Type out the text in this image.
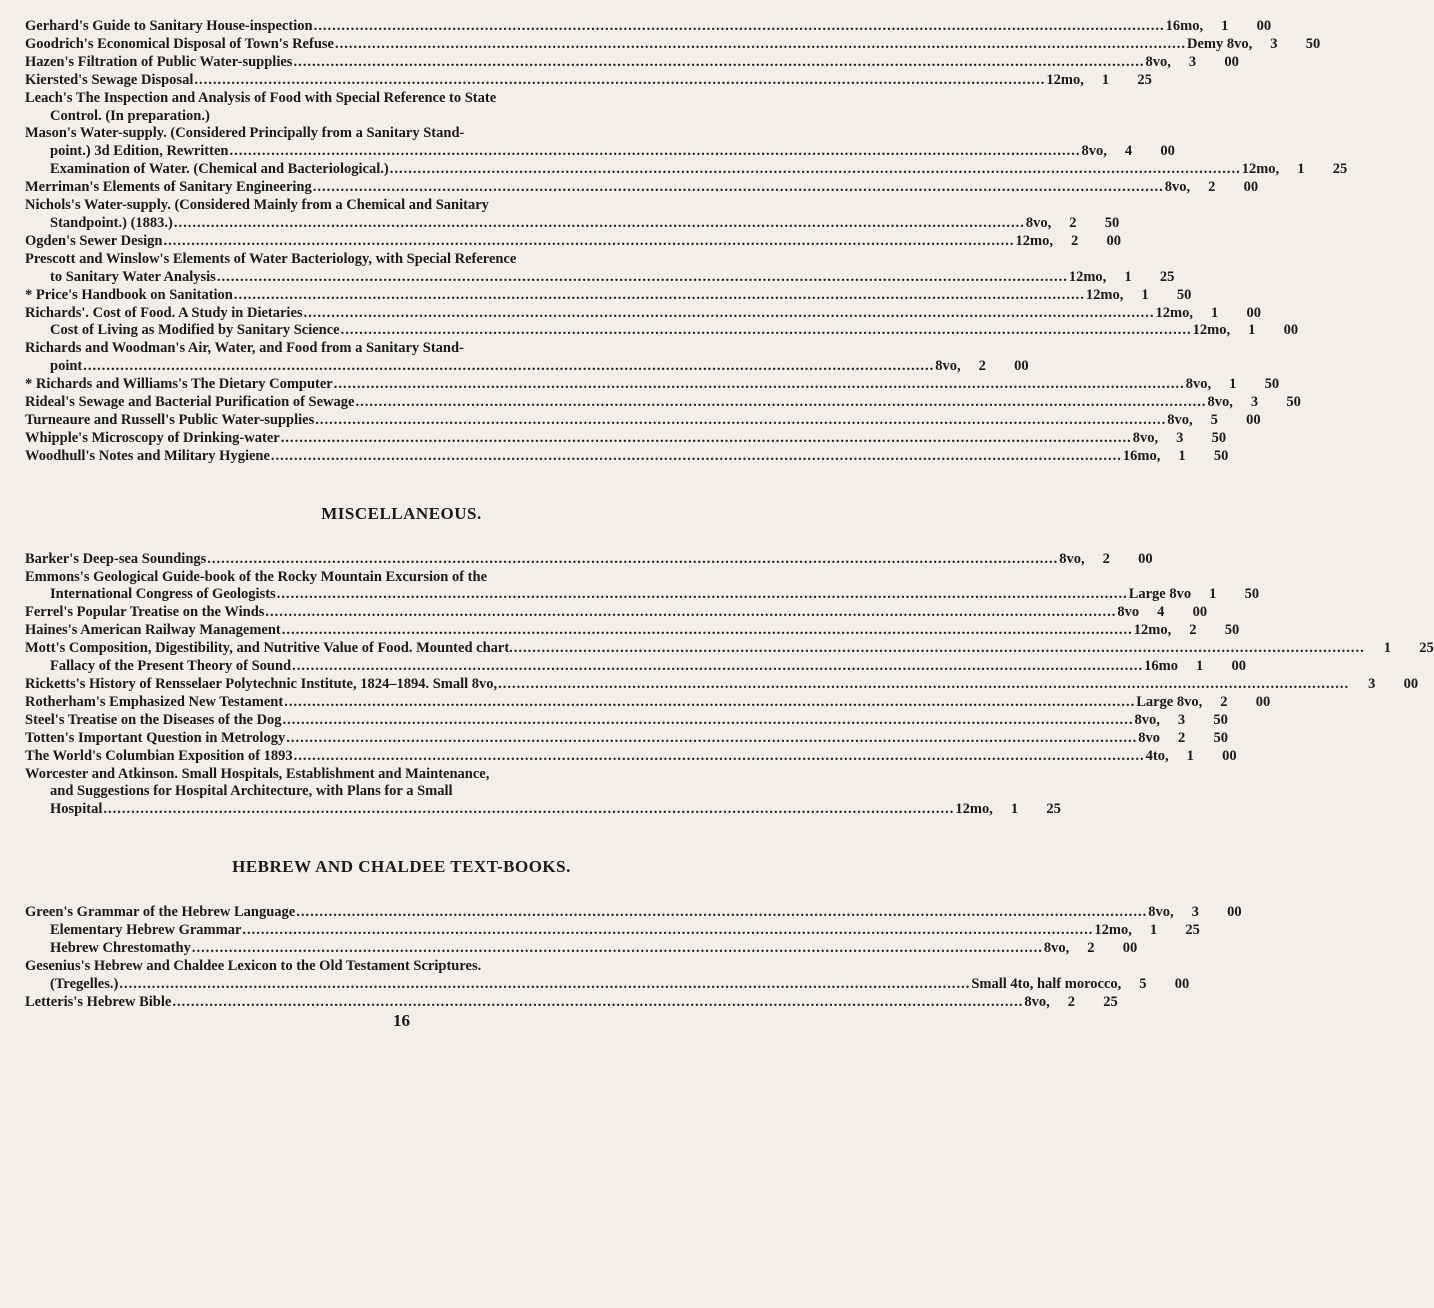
Gerhard's Guide to Sanitary House-inspection .....	16mo, 1	00
Goodrich's Economical Disposal of Town's Refuse .....	Demy 8vo, 3	50
Hazen's Filtration of Public Water-supplies .....	8vo, 3	00
Kiersted's Sewage Disposal .....	12mo, 1	25
Leach's The Inspection and Analysis of Food with Special Reference to State
Control. (In preparation.)
Mason's Water-supply. (Considered Principally from a Sanitary Stand-
point.) 3d Edition, Rewritten .....	8vo, 4	00
Examination of Water. (Chemical and Bacteriological.) .....	12mo, 1	25
Merriman's Elements of Sanitary Engineering .....	8vo, 2	00
Nichols's Water-supply. (Considered Mainly from a Chemical and Sanitary
Standpoint.) (1883.) .....	8vo, 2	50
Ogden's Sewer Design .....	12mo, 2	00
Prescott and Winslow's Elements of Water Bacteriology, with Special Reference
to Sanitary Water Analysis .....	12mo, 1	25
* Price's Handbook on Sanitation .....	12mo, 1	50
Richards'. Cost of Food. A Study in Dietaries .....	12mo, 1	00
Cost of Living as Modified by Sanitary Science .....	12mo, 1	00
Richards and Woodman's Air, Water, and Food from a Sanitary Stand-
point .....	8vo, 2	00
* Richards and Williams's The Dietary Computer .....	8vo, 1	50
Rideal's Sewage and Bacterial Purification of Sewage .....	8vo, 3	50
Turneaure and Russell's Public Water-supplies .....	8vo, 5	00
Whipple's Microscopy of Drinking-water .....	8vo, 3	50
Woodhull's Notes and Military Hygiene .....	16mo, 1	50
MISCELLANEOUS.
Barker's Deep-sea Soundings .....	8vo, 2	00
Emmons's Geological Guide-book of the Rocky Mountain Excursion of the
International Congress of Geologists .....	Large 8vo 1	50
Ferrel's Popular Treatise on the Winds .....	8vo 4	00
Haines's American Railway Management .....	12mo, 2	50
Mott's Composition, Digestibility, and Nutritive Value of Food. Mounted chart. .....	1	25
Fallacy of the Present Theory of Sound .....	16mo 1	00
Ricketts's History of Rensselaer Polytechnic Institute, 1824–1894. Small 8vo, .....	3	00
Rotherham's Emphasized New Testament .....	Large 8vo, 2	00
Steel's Treatise on the Diseases of the Dog .....	8vo, 3	50
Totten's Important Question in Metrology .....	8vo 2	50
The World's Columbian Exposition of 1893 .....	4to, 1	00
Worcester and Atkinson. Small Hospitals, Establishment and Maintenance,
and Suggestions for Hospital Architecture, with Plans for a Small
Hospital .....	12mo, 1	25
HEBREW AND CHALDEE TEXT-BOOKS.
Green's Grammar of the Hebrew Language .....	8vo, 3	00
Elementary Hebrew Grammar .....	12mo, 1	25
Hebrew Chrestomathy .....	8vo, 2	00
Gesenius's Hebrew and Chaldee Lexicon to the Old Testament Scriptures.
(Tregelles.) .....	Small 4to, half morocco, 5	00
Letteris's Hebrew Bible .....	8vo, 2	25
16
